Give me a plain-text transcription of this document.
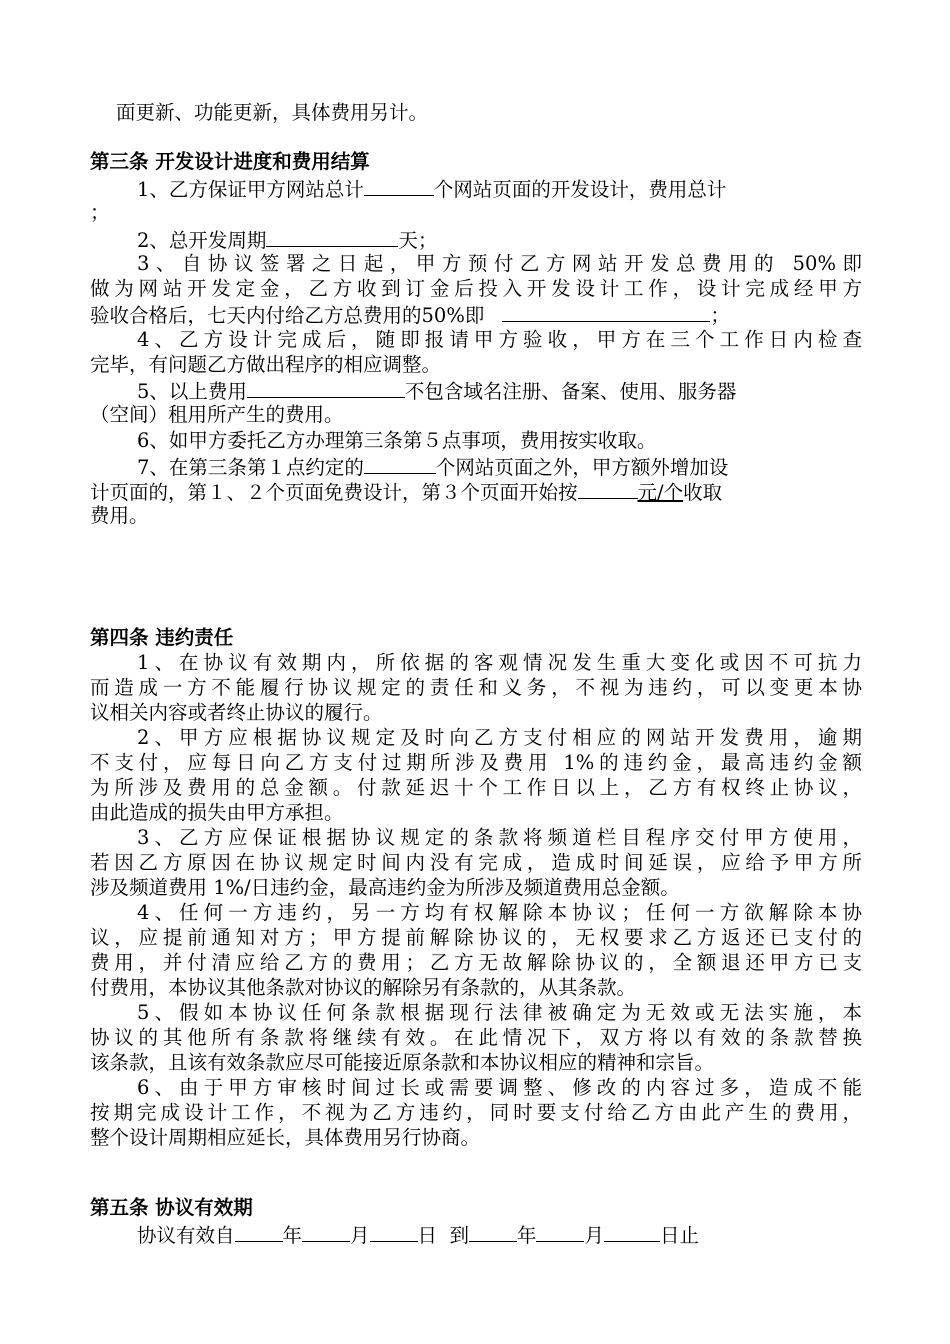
面更新、功能更新，具体费用另计。
第三条 开发设计进度和费用结算
1、乙方保证甲方网站总计	个网站页面的开发设计，费用总计
；
2、总开发周期	天；
3、自协议签署之日起，甲方预付乙方网站开发总费用的 50%即
做为网站开发定金，乙方收到订金后投入开发设计工作，设计完成经甲方
验收合格后，七天内付给乙方总费用的50%即	；
4、乙方设计完成后，随即报请甲方验收，甲方在三个工作日内检查
完毕，有问题乙方做出程序的相应调整。
5、以上费用	不包含域名注册、备案、使用、服务器
（空间）租用所产生的费用。
6、如甲方委托乙方办理第三条第５点事项，费用按实收取。
7、在第三条第１点约定的	个网站页面之外，甲方额外增加设
计页面的，第１、２个页面免费设计，第３个页面开始按	元/个收取
费用。
第四条 违约责任
1、在协议有效期内，所依据的客观情况发生重大变化或因不可抗力
而造成一方不能履行协议规定的责任和义务，不视为违约，可以变更本协
议相关内容或者终止协议的履行。
2、甲方应根据协议规定及时向乙方支付相应的网站开发费用，逾期
不支付，应每日向乙方支付过期所涉及费用 1%的违约金，最高违约金额
为所涉及费用的总金额。付款延迟十个工作日以上，乙方有权终止协议，
由此造成的损失由甲方承担。
3、乙方应保证根据协议规定的条款将频道栏目程序交付甲方使用，
若因乙方原因在协议规定时间内没有完成，造成时间延误，应给予甲方所
涉及频道费用 1%/日违约金，最高违约金为所涉及频道费用总金额。
4、任何一方违约，另一方均有权解除本协议；任何一方欲解除本协
议，应提前通知对方；甲方提前解除协议的，无权要求乙方返还已支付的
费用，并付清应给乙方的费用；乙方无故解除协议的，全额退还甲方已支
付费用，本协议其他条款对协议的解除另有条款的，从其条款。
5、假如本协议任何条款根据现行法律被确定为无效或无法实施，本
协议的其他所有条款将继续有效。在此情况下，双方将以有效的条款替换
该条款，且该有效条款应尽可能接近原条款和本协议相应的精神和宗旨。
6、由于甲方审核时间过长或需要调整、修改的内容过多，造成不能
按期完成设计工作，不视为乙方违约，同时要支付给乙方由此产生的费用，
整个设计周期相应延长，具体费用另行协商。
第五条 协议有效期
协议有效自 年 月 日  到 年 月	日止
